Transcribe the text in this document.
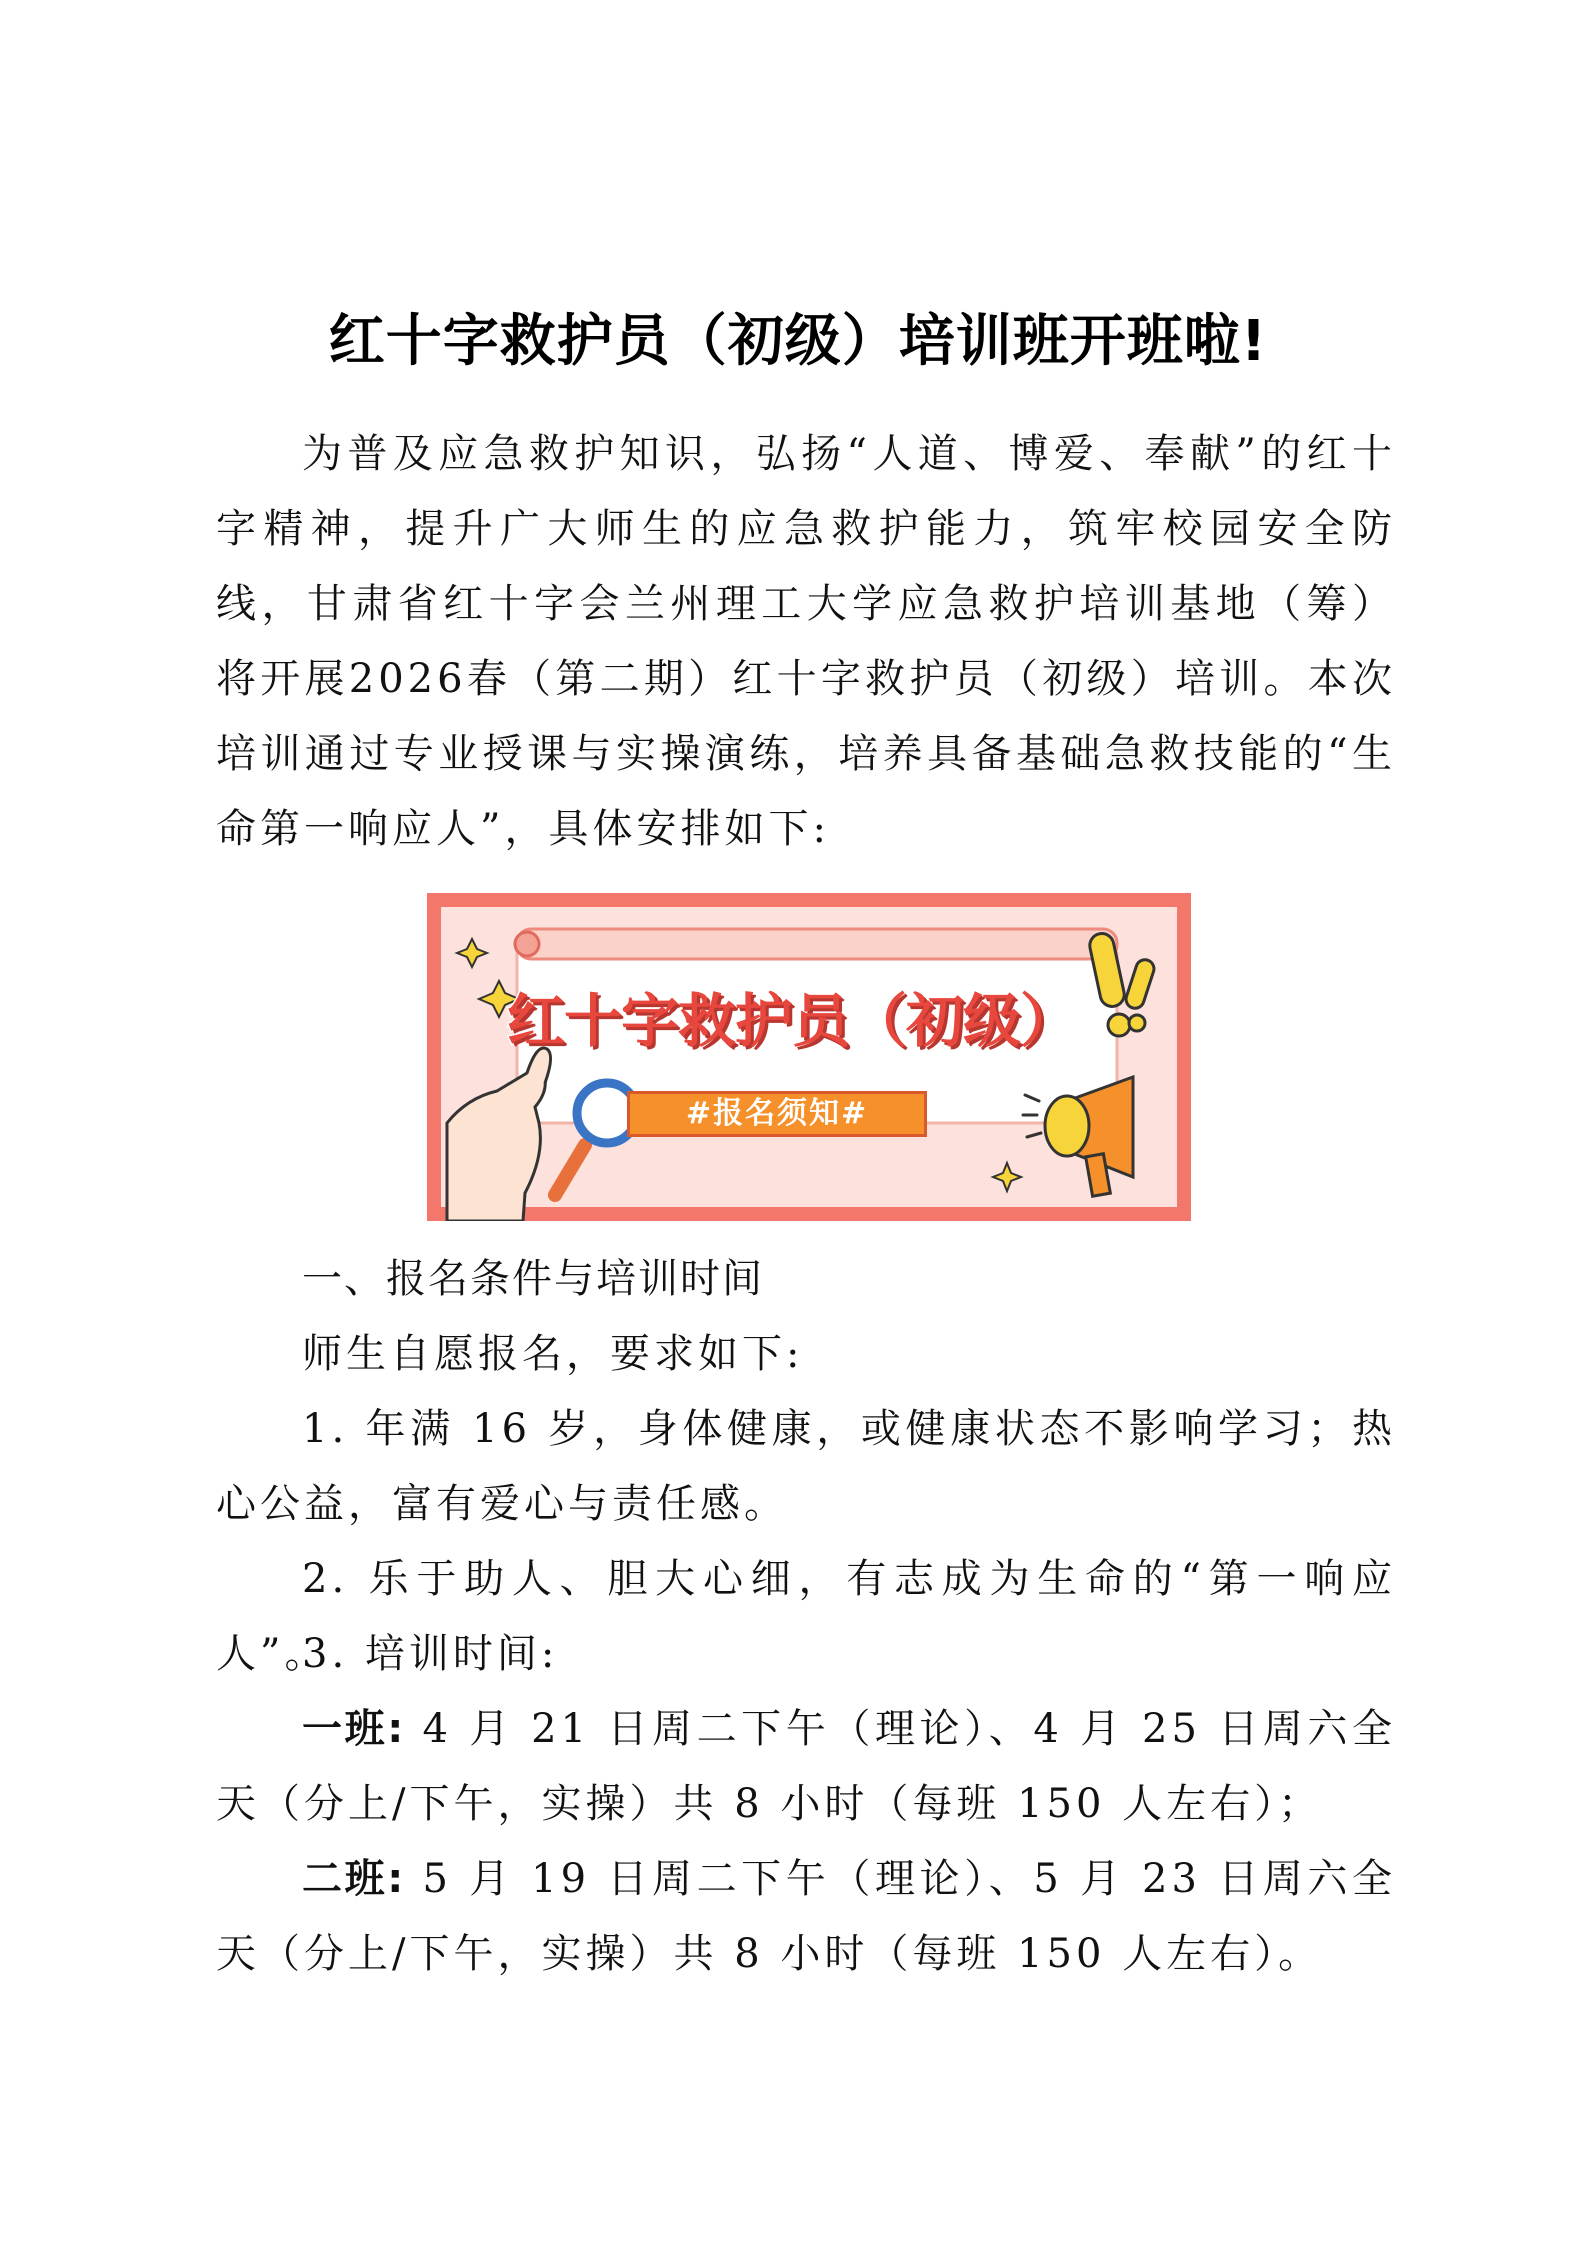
红十字救护员（初级）培训班开班啦!

为普及应急救护知识，弘扬“人道、博爱、奉献”的红十字精神，提升广大师生的应急救护能力，筑牢校园安全防线，甘肃省红十字会兰州理工大学应急救护培训基地（筹）将开展2026春（第二期）红十字救护员（初级）培训。本次培训通过专业授课与实操演练，培养具备基础急救技能的“生命第一响应人”，具体安排如下:

红十字救护员（初级）
#报名须知#
一、报名条件与培训时间

师生自愿报名，要求如下:

1. 年满 16 岁，身体健康，或健康状态不影响学习；热心公益，富有爱心与责任感。

2. 乐于助人、胆大心细，有志成为生命的“第一响应人”。

3. 培训时间:

一班: 4 月 21 日周二下午（理论）、4 月 25 日周六全天（分上/下午，实操）共 8 小时（每班 150 人左右）；

二班: 5 月 19 日周二下午（理论）、5 月 23 日周六全天（分上/下午，实操）共 8 小时（每班 150 人左右）。
